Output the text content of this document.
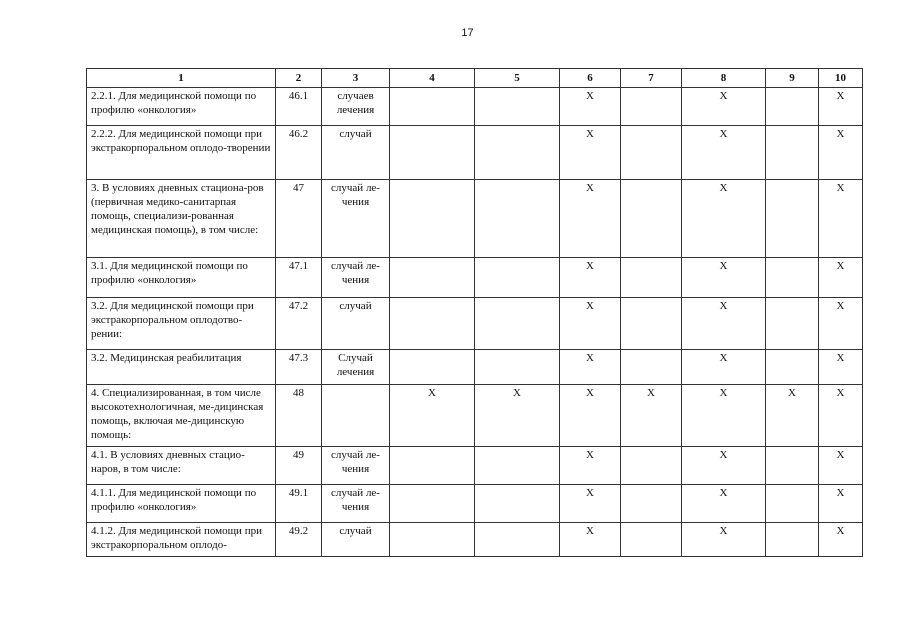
17
1	2	3	4	5	6	7	8	9	10
2.2.1. Для медицинской помощи по профилю «онкология»	46.1	случаев лечения			X		X		X
2.2.2. Для медицинской помощи при экстракорпоральном оплодо-творении	46.2	случай			X		X		X
3. В условиях дневных стациона-ров (первичная медико-санитарпая помощь, специализи-рованная медицинская помощь), в том числе:	47	случай ле-чения			X		X		X
3.1. Для медицинской помощи по профилю «онкология»	47.1	случай ле-чения			X		X		X
3.2. Для медицинской помощи при экстракорпоральном оплодотво-рении:	47.2	случай			X		X		X
3.2. Медицинская реабилитация	47.3	Случай лечения			X		X		X
4. Специализированная, в том числе высокотехнологичная, ме-дицинская помощь, включая ме-дицинскую помощь:	48		X	X	X	X	X	X	X
4.1. В условиях дневных стацио-наров, в том числе:	49	случай ле-чения			X		X		X
4.1.1. Для медицинской помощи по профилю «онкология»	49.1	случай ле-чения			X		X		X
4.1.2. Для медицинской помощи при экстракорпоральном оплодо-	49.2	случай			X		X		X
